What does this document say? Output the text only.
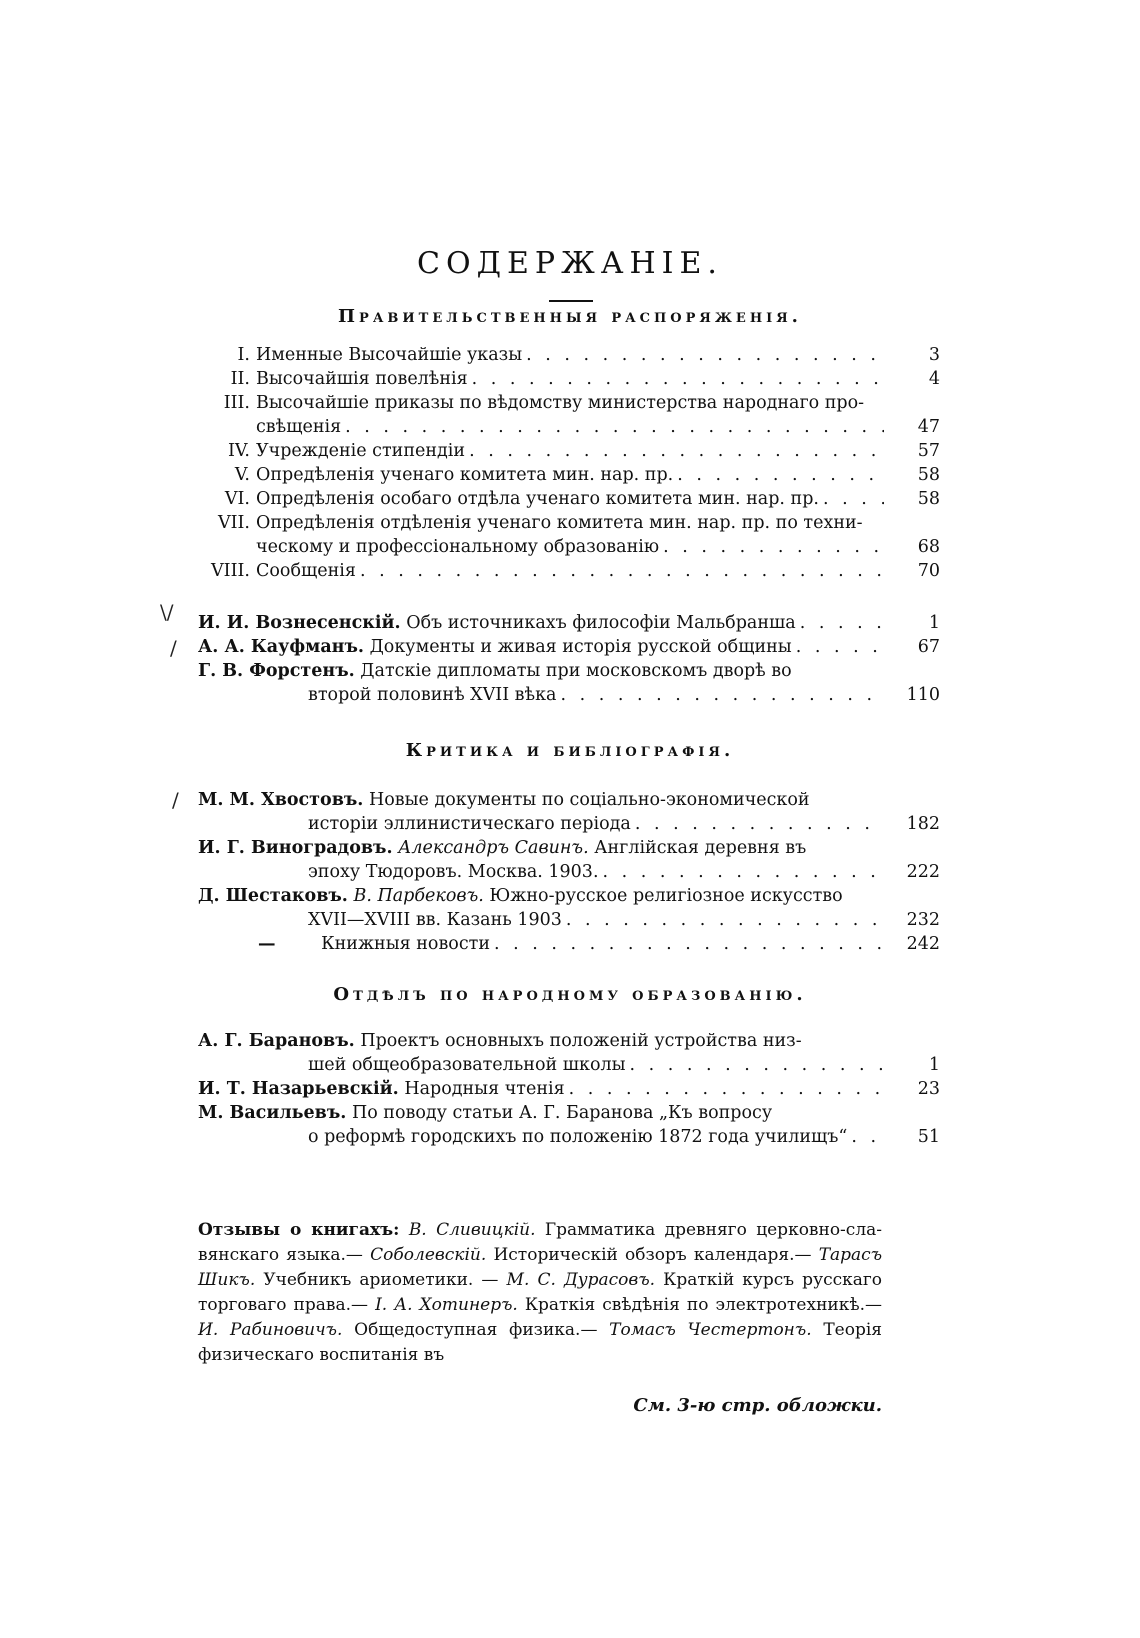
СОДЕРЖАНІЕ.
Правительственныя распоряженія.
I. Именные Высочайшіе указы . . .	3
II. Высочайшія повелѣнія . . .	4
III. Высочайшіе приказы по вѣдомству министерства народнаго про-
свѣщенія . . .	47
IV. Учрежденіе стипендіи . . .	57
V. Опредѣленія ученаго комитета мин. нар. пр. . . .	58
VI. Опредѣленія особаго отдѣла ученаго комитета мин. нар. пр. . . .	58
VII. Опредѣленія отдѣленія ученаго комитета мин. нар. пр. по техни-
ческому и профессіональному образованію . . .	68
VIII. Сообщенія . . .	70
И. И. Вознесенскій. Объ источникахъ философіи Мальбранша . . .	1
А. А. Кауфманъ. Документы и живая исторія русской общины . . .	67
Г. В. Форстенъ. Датскіе дипломаты при московскомъ дворѣ во
второй половинѣ XVII вѣка . . .	110
Критика и библіографія.
М. М. Хвостовъ. Новые документы по соціально-экономической
исторіи эллинистическаго періода . . .	182
И. Г. Виноградовъ. Александръ Савинъ. Англійская деревня въ
эпоху Тюдоровъ. Москва. 1903. . . .	222
Д. Шестаковъ. В. Парбековъ. Южно-русское религіозное искусство
XVII—XVIII вв. Казань 1903 . . .	232
—	Книжныя новости . . .	242
Отдѣлъ по народному образованію.
А. Г. Барановъ. Проектъ основныхъ положеній устройства низ-
шей общеобразовательной школы . . .	1
И. Т. Назарьевскій. Народныя чтенія . . .	23
М. Васильевъ. По поводу статьи А. Г. Баранова „Къ вопросу
о реформѣ городскихъ по положенію 1872 года училищъ“ . . .	51
Отзывы о книгахъ: В. Сливицкій. Грамматика древняго церковно-сла-вянскаго языка.— Соболевскій. Историческій обзоръ календаря.— Тарасъ Шикъ. Учебникъ ариометики. — М. С. Дурасовъ. Краткій курсъ русскаго торговаго права.— І. А. Хотинеръ. Краткія свѣдѣнія по электротехникѣ.— И. Рабиновичъ. Общедоступная физика.— Томасъ Честертонъ. Теорія физическаго воспитанія въ
См. 3-ю стр. обложки.
\/
/
/
